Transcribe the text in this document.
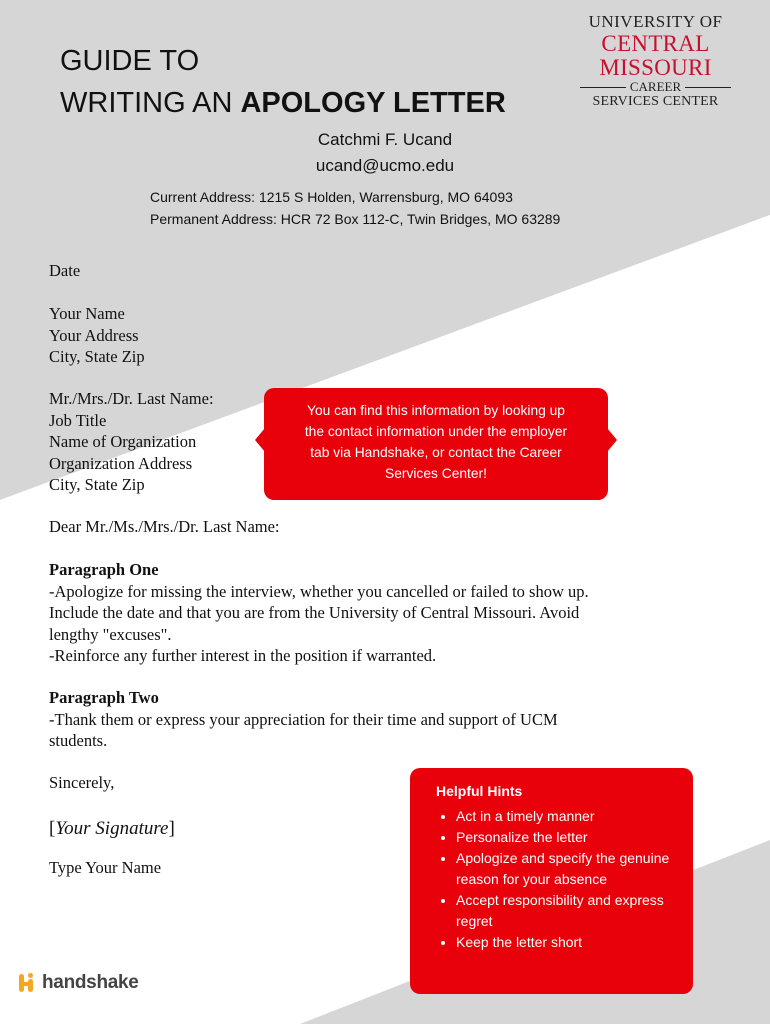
GUIDE TO
WRITING AN APOLOGY LETTER
UNIVERSITY OF
CENTRAL MISSOURI
CAREER
SERVICES CENTER
Catchmi F. Ucand
ucand@ucmo.edu
Current Address: 1215 S Holden, Warrensburg, MO 64093
Permanent Address: HCR 72 Box 112-C, Twin Bridges, MO 63289
Date
Your Name
Your Address
City, State Zip
Mr./Mrs./Dr. Last Name:
Job Title
Name of Organization
Organization Address
City, State Zip
You can find this information by looking up
the contact information under the employer
tab via Handshake, or contact the Career
Services Center!
Dear Mr./Ms./Mrs./Dr. Last Name:
Paragraph One
-Apologize for missing the interview, whether you cancelled or failed to show up.
Include the date and that you are from the University of Central Missouri. Avoid
lengthy "excuses".
-Reinforce any further interest in the position if warranted.
Paragraph Two
-Thank them or express your appreciation for their time and support of UCM
students.
Sincerely,
[Your Signature]
Type Your Name
Helpful Hints
• Act in a timely manner
• Personalize the letter
• Apologize and specify the genuine reason for your absence
• Accept responsibility and express regret
• Keep the letter short
handshake
